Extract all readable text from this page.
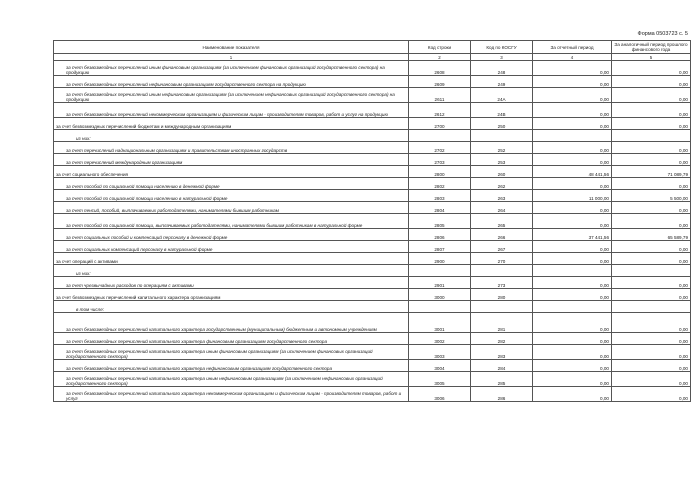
Форма 0503723 с. 5
Наименование показателя	Код строки	Код по КОСГУ	За отчетный период	За аналогичный период прошлого финансового года
1	2	3	4	5
за счет безвозмездных перечислений иным финансовым организациям (за исключением финансовых организаций государственного сектора) на продукцию	2608	248	0,00	0,00
за счет безвозмездных перечислений нефинансовым организациям государственного сектора на продукцию	2609	249	0,00	0,00
за счет безвозмездных перечислений иным нефинансовым организациям (за исключением нефинансовых организаций государственного сектора) на продукцию	2611	24А	0,00	0,00
за счет безвозмездных перечислений некоммерческим организациям и физическим лицам - производителям товаров, работ и услуг на продукцию	2612	24В	0,00	0,00
за счет безвозмездных перечислений бюджетам и международным организациям	2700	250	0,00	0,00
из них:				
за счет перечислений наднациональным организациям и правительствам иностранных государств	2702	252	0,00	0,00
за счет перечислений международным организациям	2703	253	0,00	0,00
за счет социального обеспечения	2800	260	48 441,56	71 089,79
за счет пособий по социальной помощи населению в денежной форме	2802	262	0,00	0,00
за счет пособий по социальной помощи населению в натуральной форме	2803	263	11 000,00	5 500,00
за счет пенсий, пособий, выплачиваемых работодателями, нанимателями бывшим работникам	2804	264	0,00	0,00
за счет пособий по социальной помощи, выплачиваемых работодателями, нанимателями бывшим работникам в натуральной форме	2805	265	0,00	0,00
за счет социальных пособий и компенсаций персоналу в денежной форме	2806	266	37 441,56	65 589,79
за счет социальных компенсаций персоналу в натуральной форме	2807	267	0,00	0,00
за счет операций с активами	2900	270	0,00	0,00
из них:				
за счет чрезвычайных расходов по операциям с активами	2901	273	0,00	0,00
за счет безвозмездных перечислений капитального характера организациям	3000	280	0,00	0,00
в том числе:				
за счет безвозмездных перечислений капитального характера государственным (муниципальным) бюджетным и автономным учреждениям	3001	281	0,00	0,00
за счет безвозмездных перечислений капитального характера финансовым организациям государственного сектора	3002	282	0,00	0,00
за счет безвозмездных перечислений капитального характера иным финансовым организациям (за исключением финансовых организаций государственного сектора)	3003	283	0,00	0,00
за счет безвозмездных перечислений капитального характера нефинансовым организациям государственного сектора	3004	284	0,00	0,00
за счет безвозмездных перечислений капитального характера иным нефинансовым организациям (за исключением нефинансовых организаций государственного сектора)	3005	285	0,00	0,00
за счет безвозмездных перечислений капитального характера некоммерческим организациям и физическим лицам - производителям товаров, работ и услуг	3006	286	0,00	0,00
